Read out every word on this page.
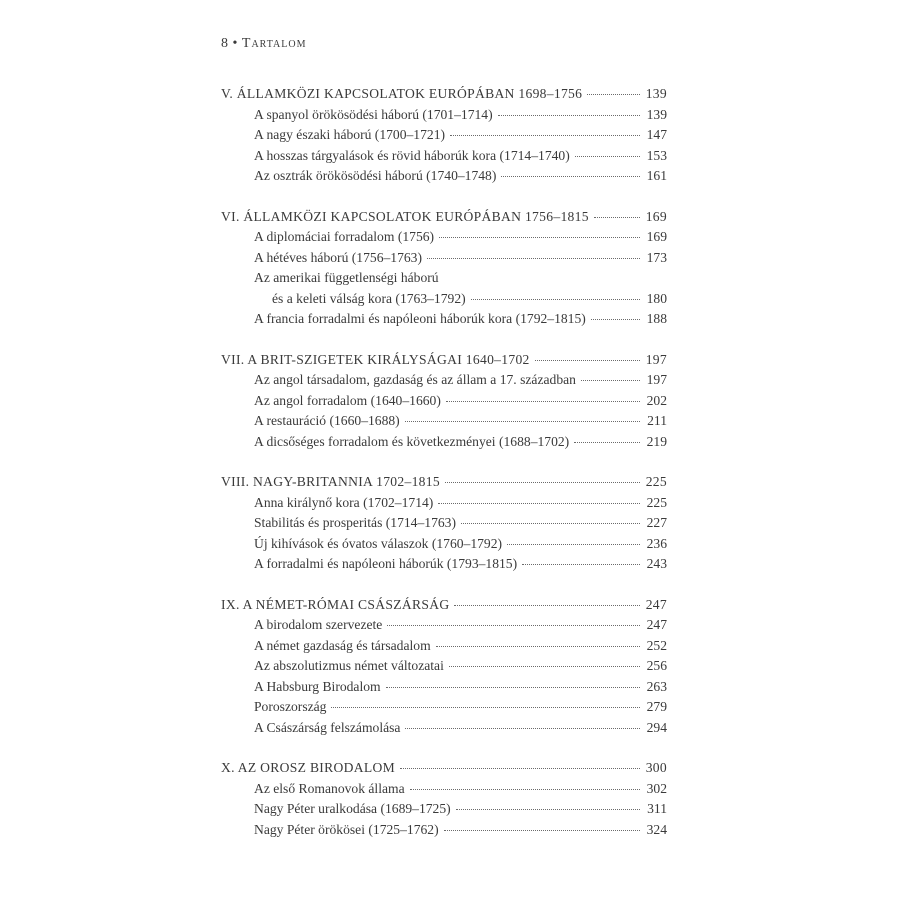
8 • Tartalom
V. ÁLLAMKÖZI KAPCSOLATOK EURÓPÁBAN 1698–1756	139
A spanyol örökösödési háború (1701–1714)	139
A nagy északi háború (1700–1721)	147
A hosszas tárgyalások és rövid háborúk kora (1714–1740)	153
Az osztrák örökösödési háború (1740–1748)	161
VI. ÁLLAMKÖZI KAPCSOLATOK EURÓPÁBAN 1756–1815	169
A diplomáciai forradalom (1756)	169
A hétéves háború (1756–1763)	173
Az amerikai függetlenségi háború
és a keleti válság kora (1763–1792)	180
A francia forradalmi és napóleoni háborúk kora (1792–1815)	188
VII. A BRIT-SZIGETEK KIRÁLYSÁGAI 1640–1702	197
Az angol társadalom, gazdaság és az állam a 17. században	197
Az angol forradalom (1640–1660)	202
A restauráció (1660–1688)	211
A dicsőséges forradalom és következményei (1688–1702)	219
VIII. NAGY-BRITANNIA 1702–1815	225
Anna királynő kora (1702–1714)	225
Stabilitás és prosperitás (1714–1763)	227
Új kihívások és óvatos válaszok (1760–1792)	236
A forradalmi és napóleoni háborúk (1793–1815)	243
IX. A NÉMET-RÓMAI CSÁSZÁRSÁG	247
A birodalom szervezete	247
A német gazdaság és társadalom	252
Az abszolutizmus német változatai	256
A Habsburg Birodalom	263
Poroszország	279
A Császárság felszámolása	294
X. AZ OROSZ BIRODALOM	300
Az első Romanovok állama	302
Nagy Péter uralkodása (1689–1725)	311
Nagy Péter örökösei (1725–1762)	324
